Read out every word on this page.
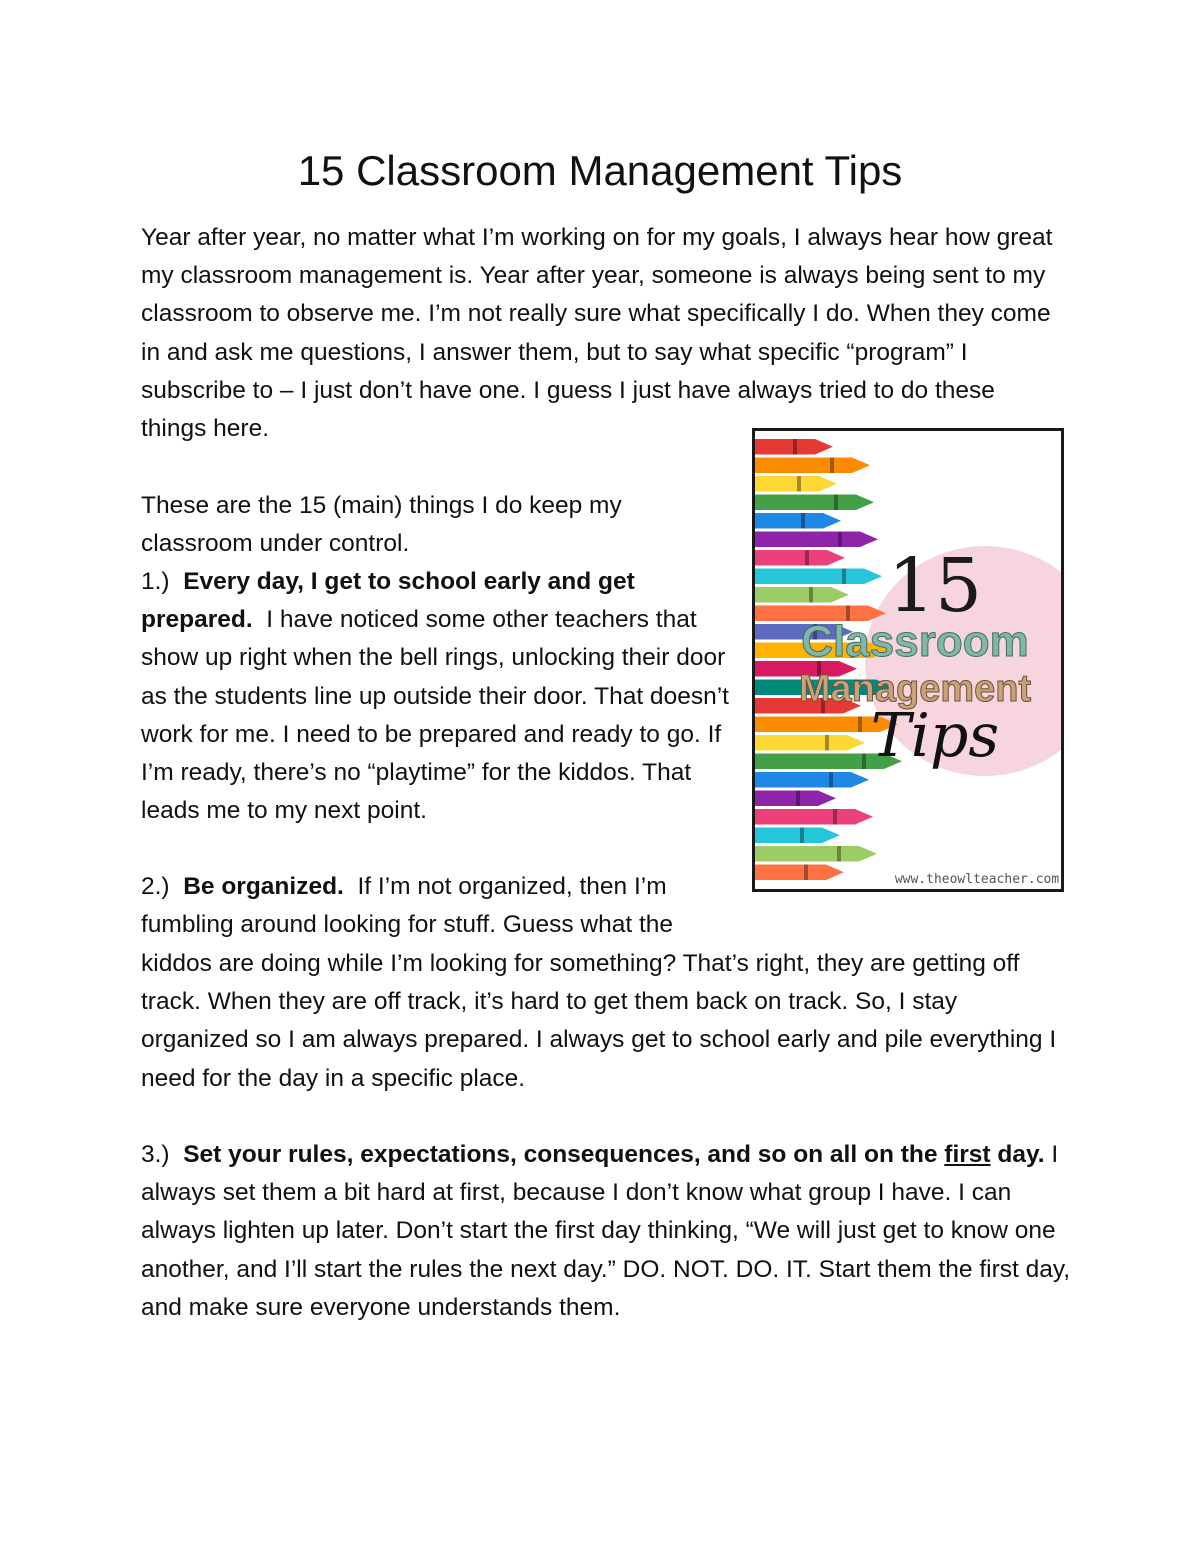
15 Classroom Management Tips

Year after year, no matter what I’m working on for my goals, I always hear how great my classroom management is. Year after year, someone is always being sent to my classroom to observe me. I’m not really sure what specifically I do. When they come in and ask me questions, I answer them, but to say what specific “program” I subscribe to – I just don’t have one. I guess I just have always tried to do these things here.

These are the 15 (main) things I do keep my

classroom under control.

1.) Every day, I get to school early and get prepared. I have noticed some other teachers that show up right when the bell rings, unlocking their door as the students line up outside their door. That doesn’t work for me. I need to be prepared and ready to go. If I’m ready, there’s no “playtime” for the kiddos. That leads me to my next point.

2.) Be organized. If I’m not organized, then I’m fumbling around looking for stuff. Guess what the

kiddos are doing while I’m looking for something? That’s right, they are getting off track. When they are off track, it’s hard to get them back on track. So, I stay organized so I am always prepared. I always get to school early and pile everything I need for the day in a specific place.

3.) Set your rules, expectations, consequences, and so on all on the first day. I always set them a bit hard at first, because I don’t know what group I have. I can always lighten up later. Don’t start the first day thinking, “We will just get to know one another, and I’ll start the rules the next day.” DO. NOT. DO. IT. Start them the first day, and make sure everyone understands them.

15
Classroom
Management
Tips
www.theowlteacher.com
